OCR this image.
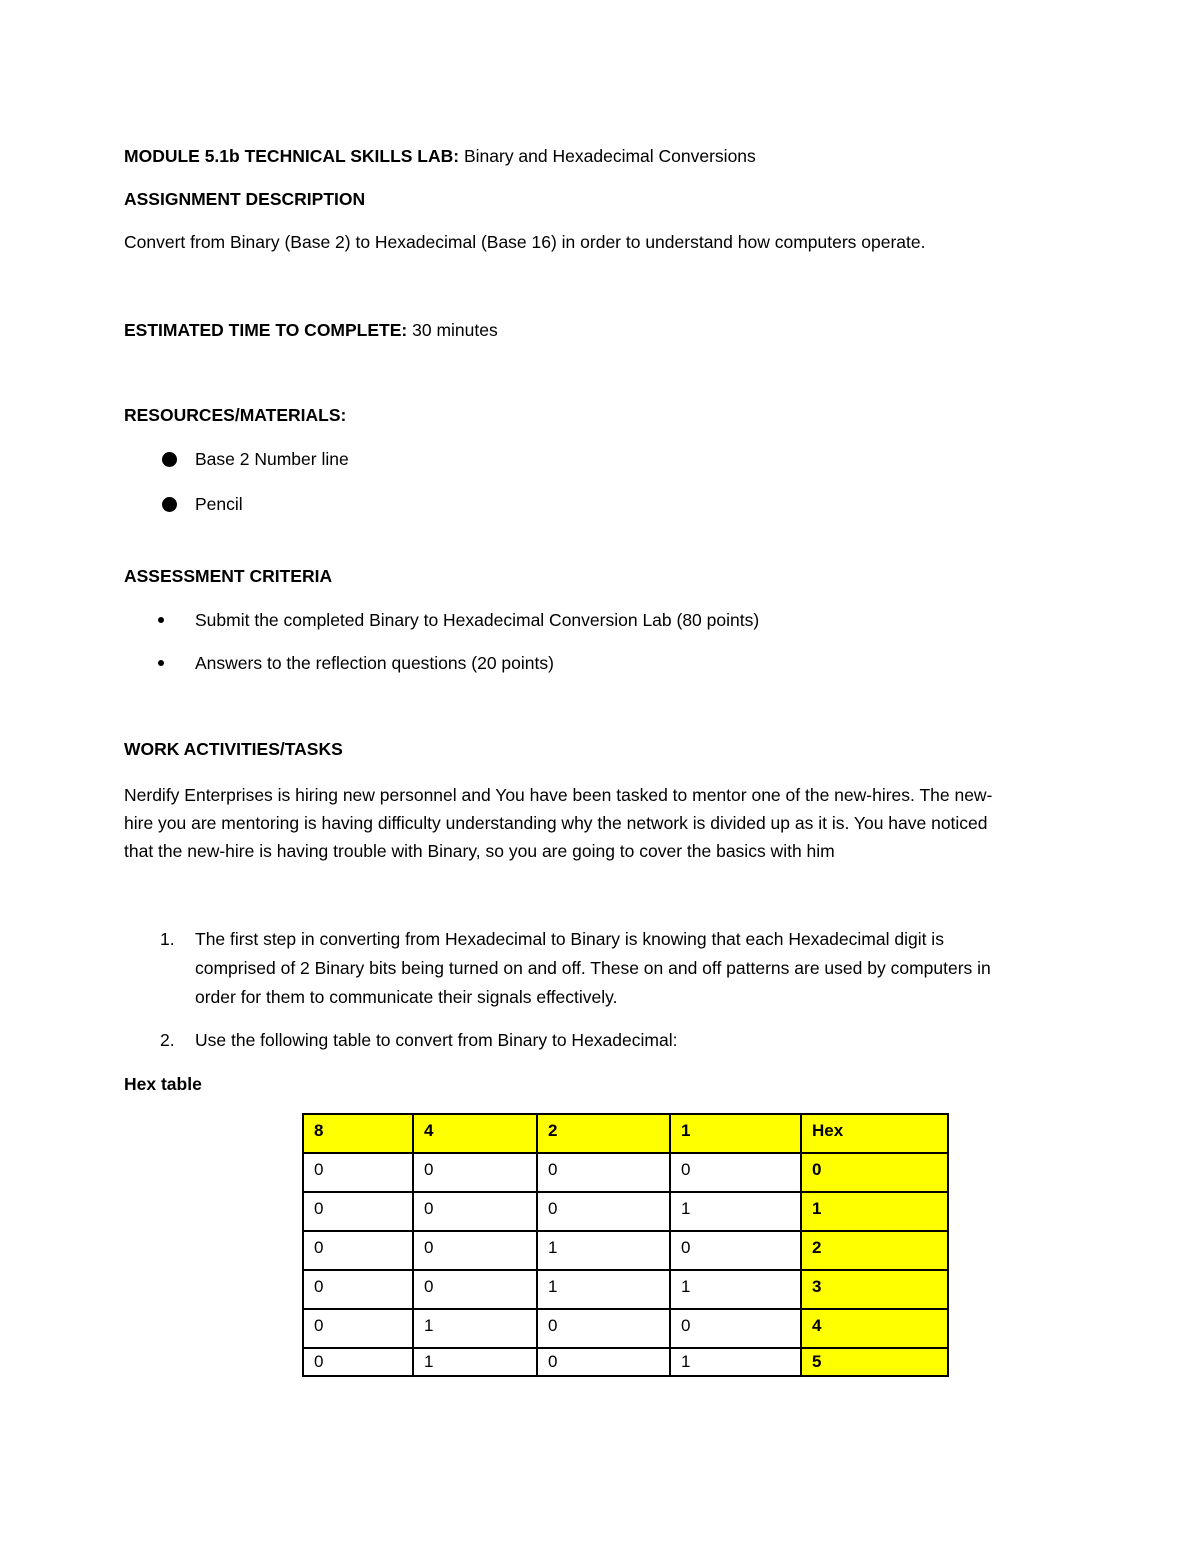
MODULE 5.1b TECHNICAL SKILLS LAB: Binary and Hexadecimal Conversions
ASSIGNMENT DESCRIPTION
Convert from Binary (Base 2) to Hexadecimal (Base 16) in order to understand how computers operate.
ESTIMATED TIME TO COMPLETE: 30 minutes
RESOURCES/MATERIALS:
Base 2 Number line
Pencil
ASSESSMENT CRITERIA
Submit the completed Binary to Hexadecimal Conversion Lab (80 points)
Answers to the reflection questions (20 points)
WORK ACTIVITIES/TASKS
Nerdify Enterprises is hiring new personnel and You have been tasked to mentor one of the new-hires. The new-
hire you are mentoring is having difficulty understanding why the network is divided up as it is. You have noticed
that the new-hire is having trouble with Binary, so you are going to cover the basics with him
1. The first step in converting from Hexadecimal to Binary is knowing that each Hexadecimal digit is
comprised of 2 Binary bits being turned on and off. These on and off patterns are used by computers in
order for them to communicate their signals effectively.
2. Use the following table to convert from Binary to Hexadecimal:
Hex table
8	4	2	1	Hex
0	0	0	0	0
0	0	0	1	1
0	0	1	0	2
0	0	1	1	3
0	1	0	0	4
0	1	0	1	5
